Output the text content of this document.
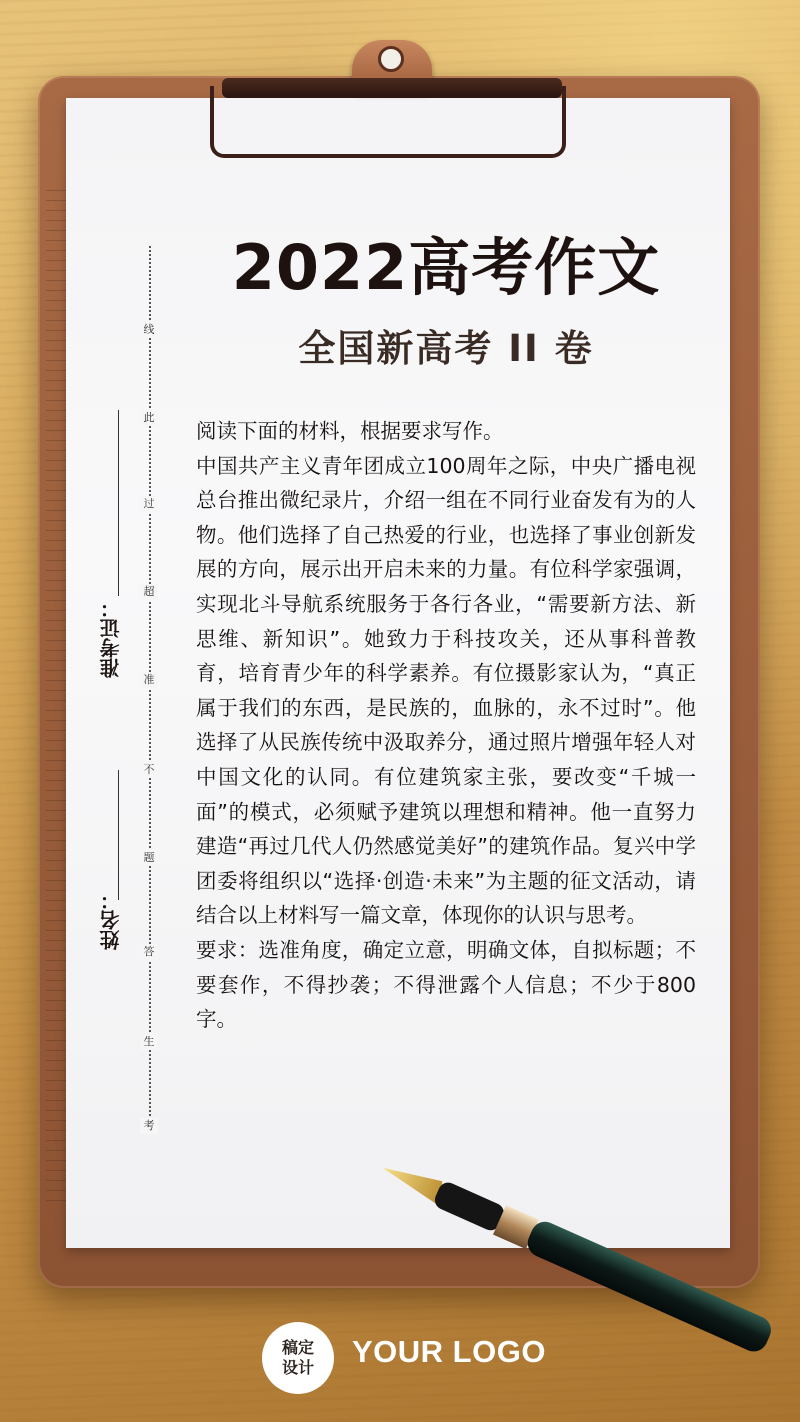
2022高考作文
全国新高考 II 卷

阅读下面的材料，根据要求写作。

中国共产主义青年团成立100周年之际，中央广播电视总台推出微纪录片，介绍一组在不同行业奋发有为的人物。他们选择了自己热爱的行业，也选择了事业创新发展的方向，展示出开启未来的力量。有位科学家强调，实现北斗导航系统服务于各行各业，“需要新方法、新思维、新知识”。她致力于科技攻关，还从事科普教育，培育青少年的科学素养。有位摄影家认为，“真正属于我们的东西，是民族的，血脉的，永不过时”。他选择了从民族传统中汲取养分，通过照片增强年轻人对中国文化的认同。有位建筑家主张，要改变“千城一面”的模式，必须赋予建筑以理想和精神。他一直努力建造“再过几代人仍然感觉美好”的建筑作品。复兴中学团委将组织以“选择·创造·未来”为主题的征文活动，请结合以上材料写一篇文章，体现你的认识与思考。

要求：选准角度，确定立意，明确文体，自拟标题；不要套作，不得抄袭；不得泄露个人信息；不少于800字。

姓名：
准考证：
考
生
答
题
不
准
超
过
此
线
稿定
设计 YOUR LOGO
